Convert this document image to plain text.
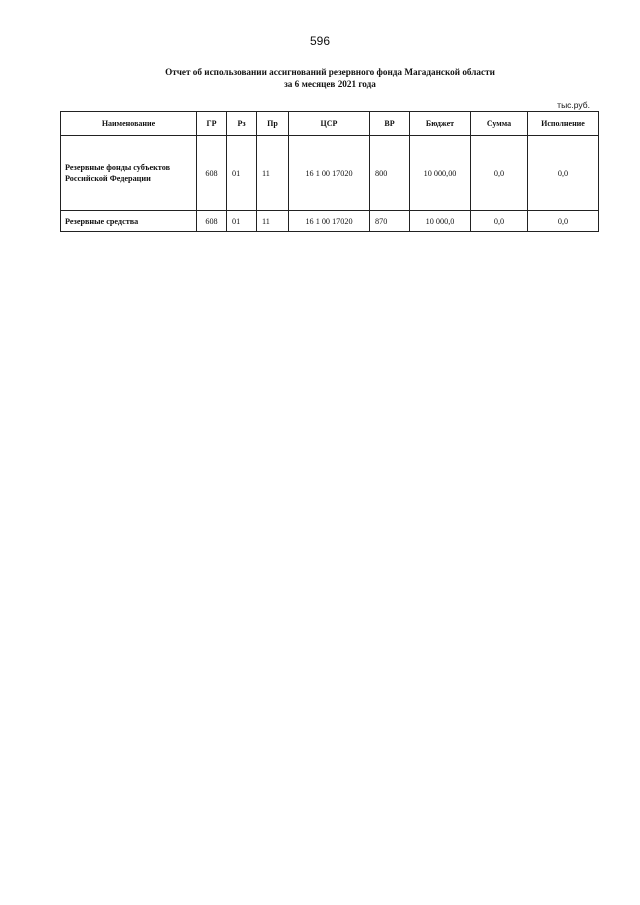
596
Отчет об использовании ассигнований резервного фонда Магаданской области
за 6 месяцев 2021 года
тыс.руб.
Наименование	ГР	Рз	Пр	ЦСР	ВР	Бюджет	Сумма	Исполнение
Резервные фонды субъектов Российской Федерации	608	01	11	16 1 00 17020	800	10 000,00	0,0	0,0
Резервные средства	608	01	11	16 1 00 17020	870	10 000,0	0,0	0,0
